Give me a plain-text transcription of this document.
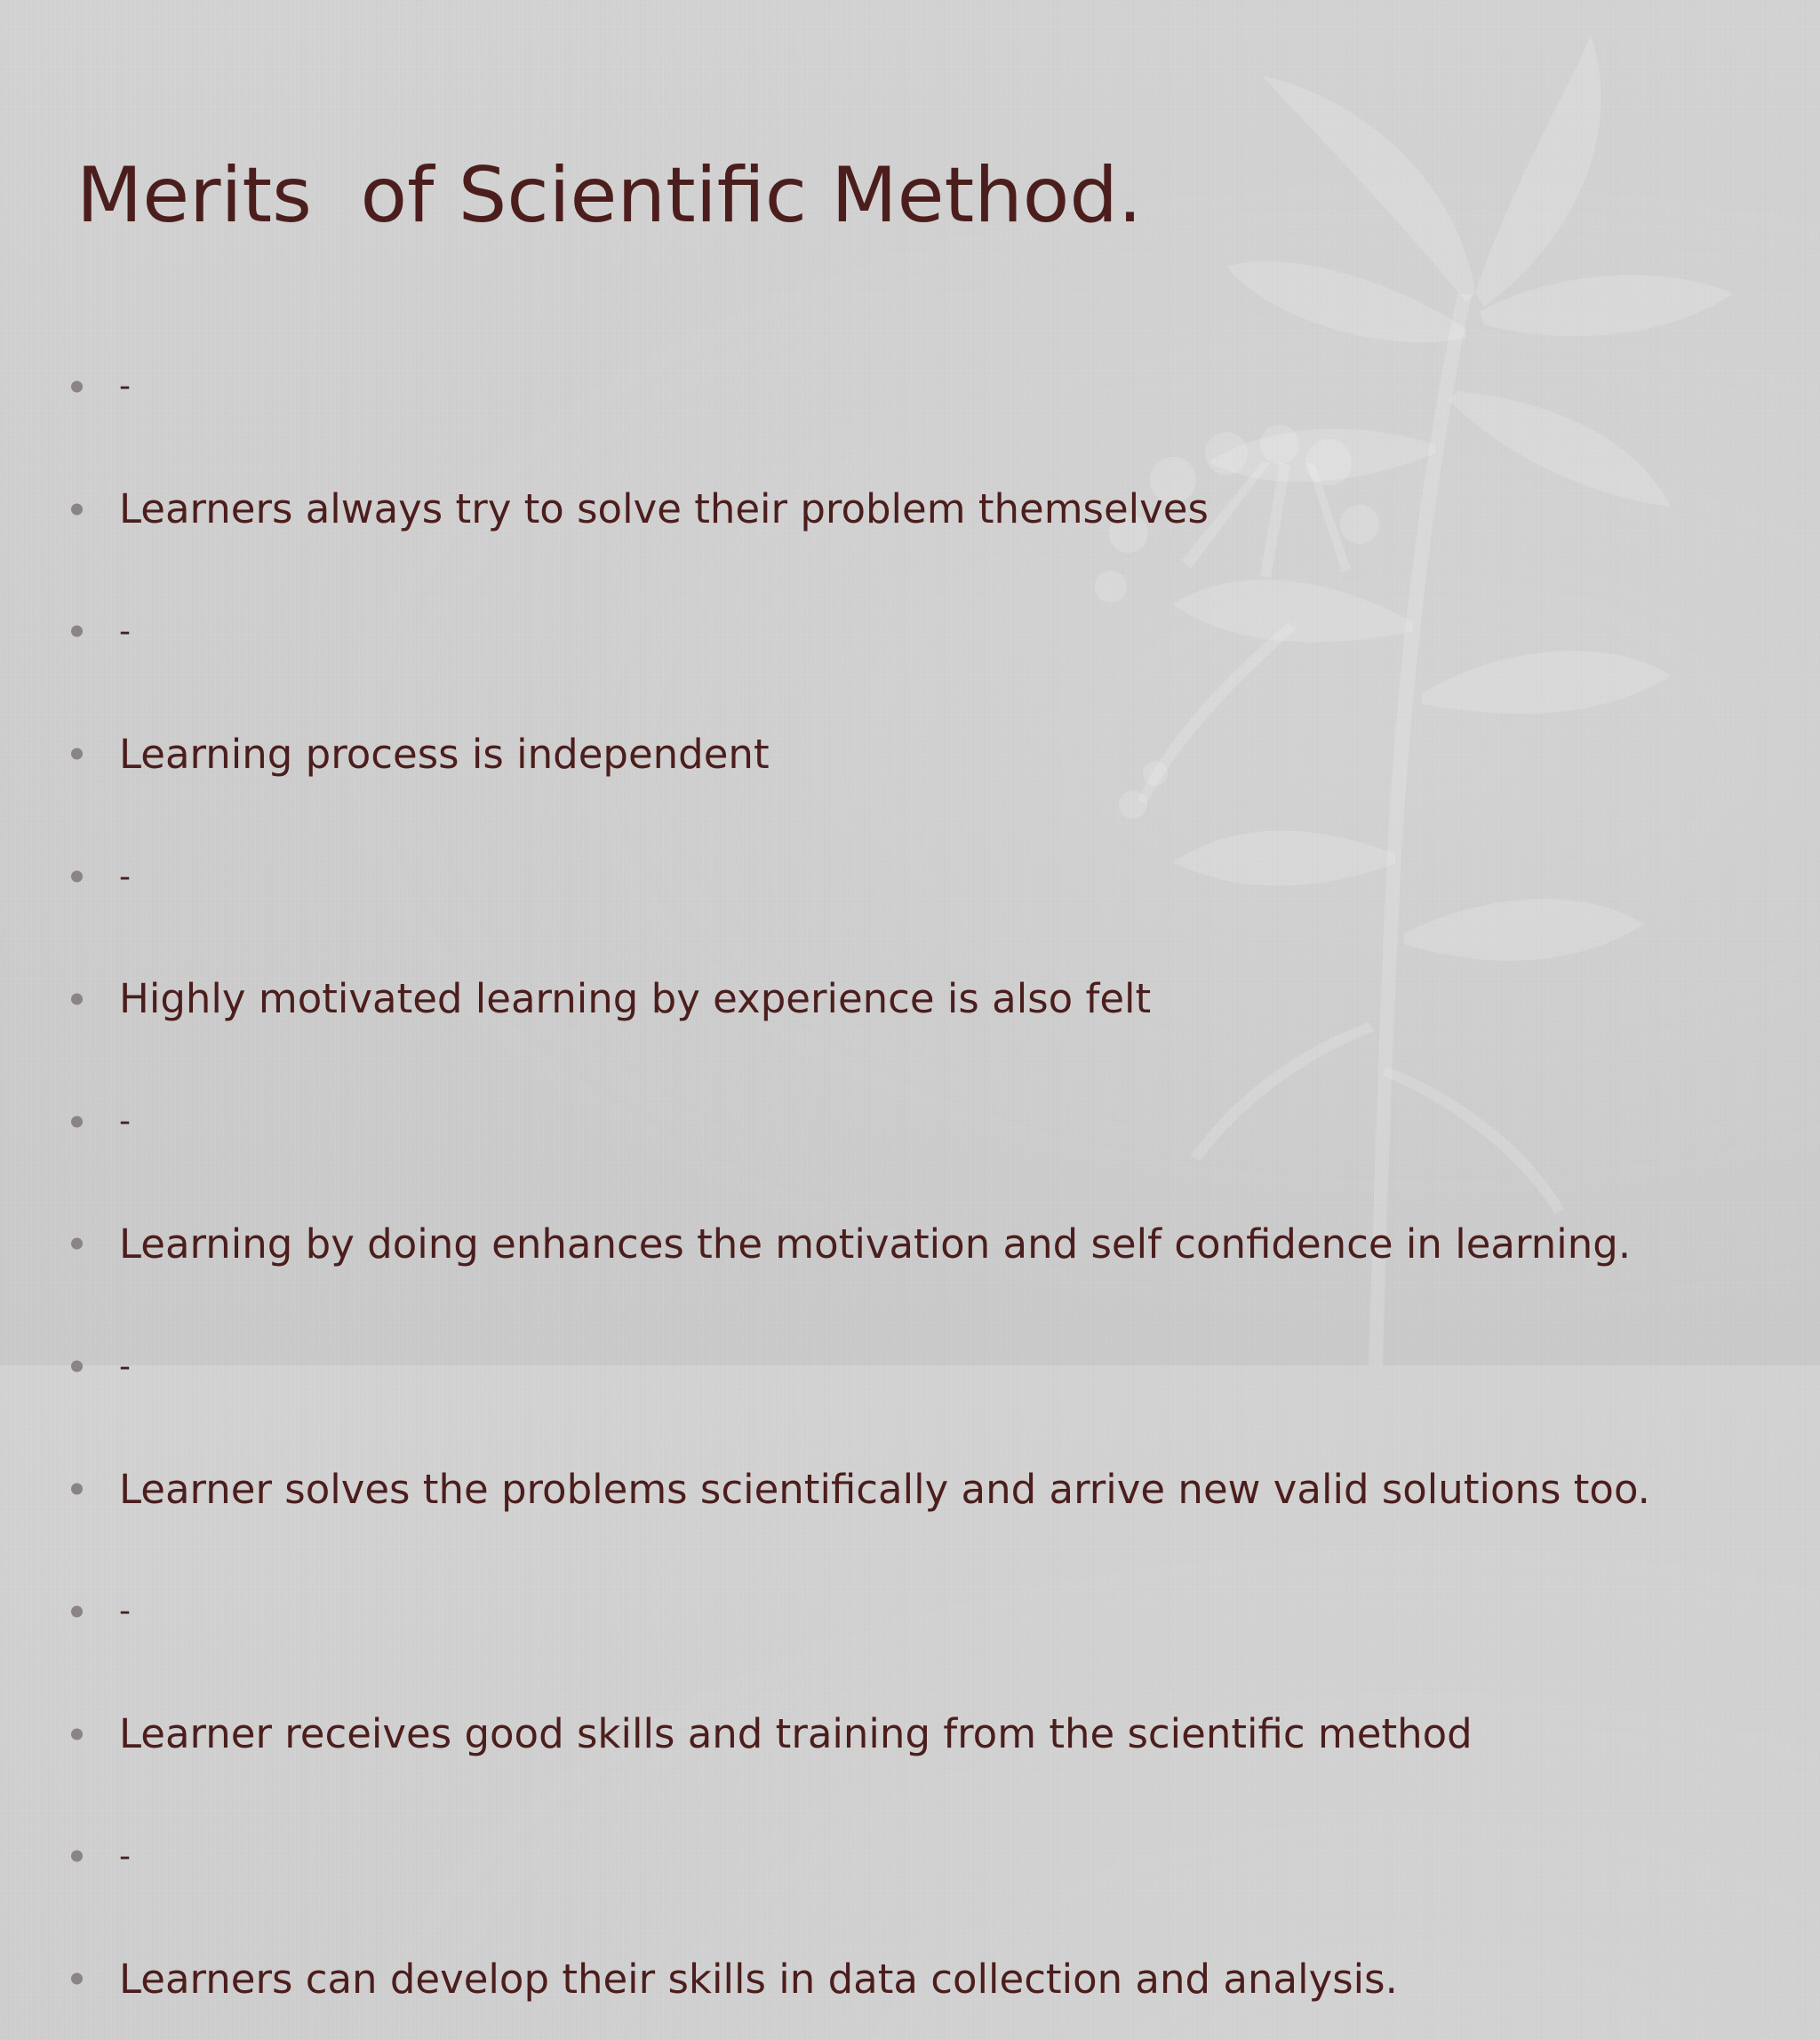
Merits  of Scientific Method.
-
Learners always try to solve their problem themselves
-
Learning process is independent
-
Highly motivated learning by experience is also felt
-
Learning by doing enhances the motivation and self confidence in learning.
-
Learner solves the problems scientifically and arrive new valid solutions too.
-
Learner receives good skills and training from the scientific method
-
Learners can develop their skills in data collection and analysis.
